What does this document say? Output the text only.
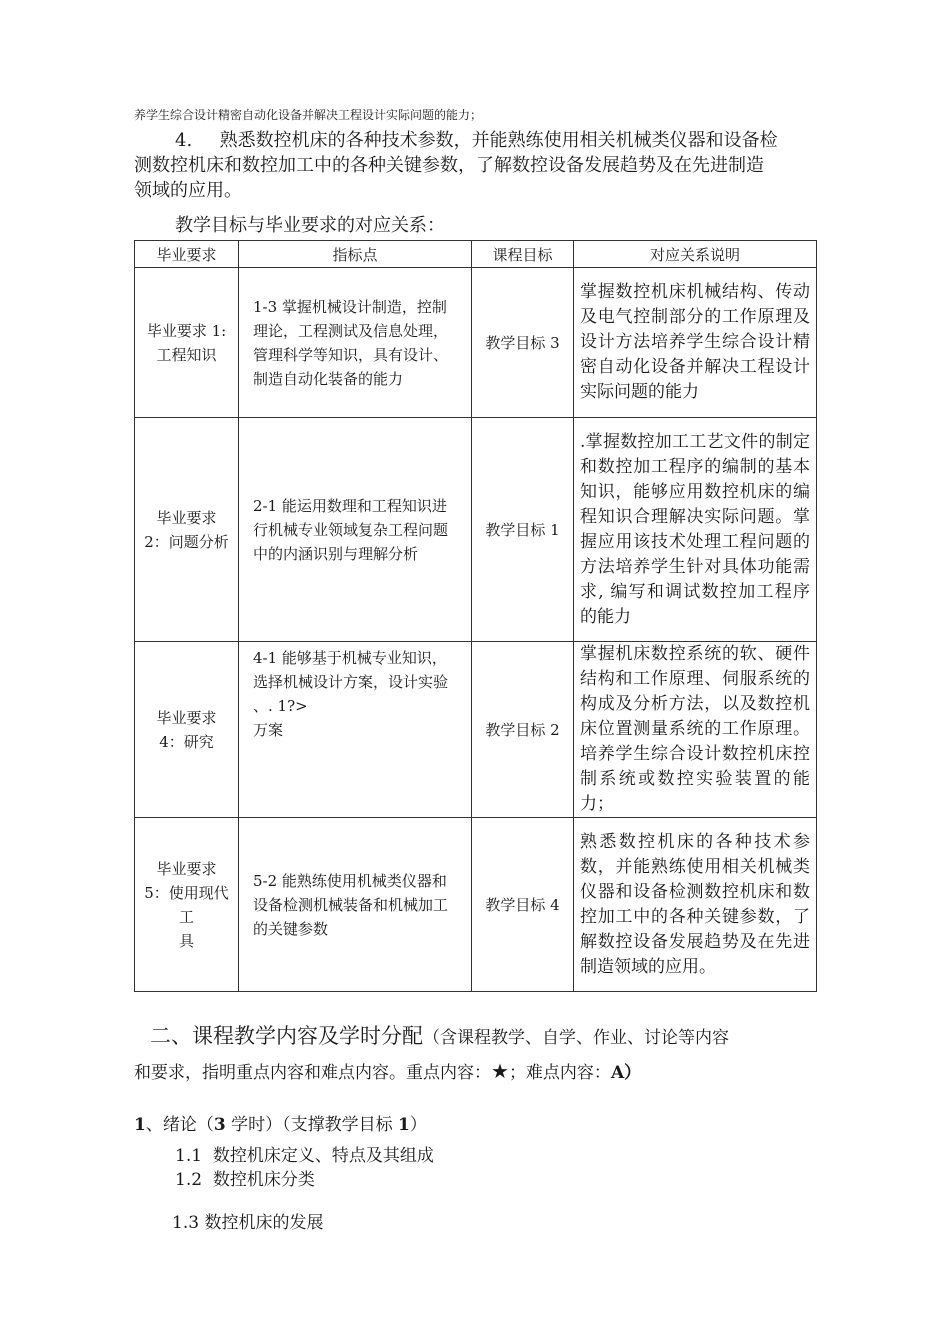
养学生综合设计精密自动化设备并解决工程设计实际问题的能力；
4. 熟悉数控机床的各种技术参数，并能熟练使用相关机械类仪器和设备检
测数控机床和数控加工中的各种关键参数，了解数控设备发展趋势及在先进制造
领域的应用。
教学目标与毕业要求的对应关系：
毕业要求	指标点	课程目标	对应关系说明
毕业要求 1:
工程知识	1-3 掌握机械设计制造，控制理论，工程测试及信息处理，管理科学等知识，具有设计、制造自动化装备的能力	教学目标 3	掌握数控机床机械结构、传动及电气控制部分的工作原理及设计方法培养学生综合设计精密自动化设备并解决工程设计实际问题的能力
毕业要求
2：问题分析	2-1 能运用数理和工程知识进行机械专业领域复杂工程问题中的内涵识别与理解分析	教学目标 1	.掌握数控加工工艺文件的制定和数控加工程序的编制的基本知识，能够应用数控机床的编程知识合理解决实际问题。掌握应用该技术处理工程问题的方法培养学生针对具体功能需求, 编写和调试数控加工程序的能力
毕业要求
4：研究	4-1 能够基于机械专业知识，选择机械设计方案，设计实验
、. 1?>
万案	教学目标 2	掌握机床数控系统的软、硬件结构和工作原理、伺服系统的构成及分析方法，以及数控机床位置测量系统的工作原理。培养学生综合设计数控机床控制系统或数控实验装置的能力；
毕业要求
5：使用现代
工
具	5-2 能熟练使用机械类仪器和设备检测机械装备和机械加工的关键参数	教学目标 4	熟悉数控机床的各种技术参数，并能熟练使用相关机械类仪器和设备检测数控机床和数控加工中的各种关键参数，了解数控设备发展趋势及在先进制造领域的应用。
二、课程教学内容及学时分配（含课程教学、自学、作业、讨论等内容
和要求，指明重点内容和难点内容。重点内容：★；难点内容：A）
1、绪论（3 学时）（支撑教学目标 1）
1.1  数控机床定义、特点及其组成
1.2  数控机床分类
1.3 数控机床的发展
